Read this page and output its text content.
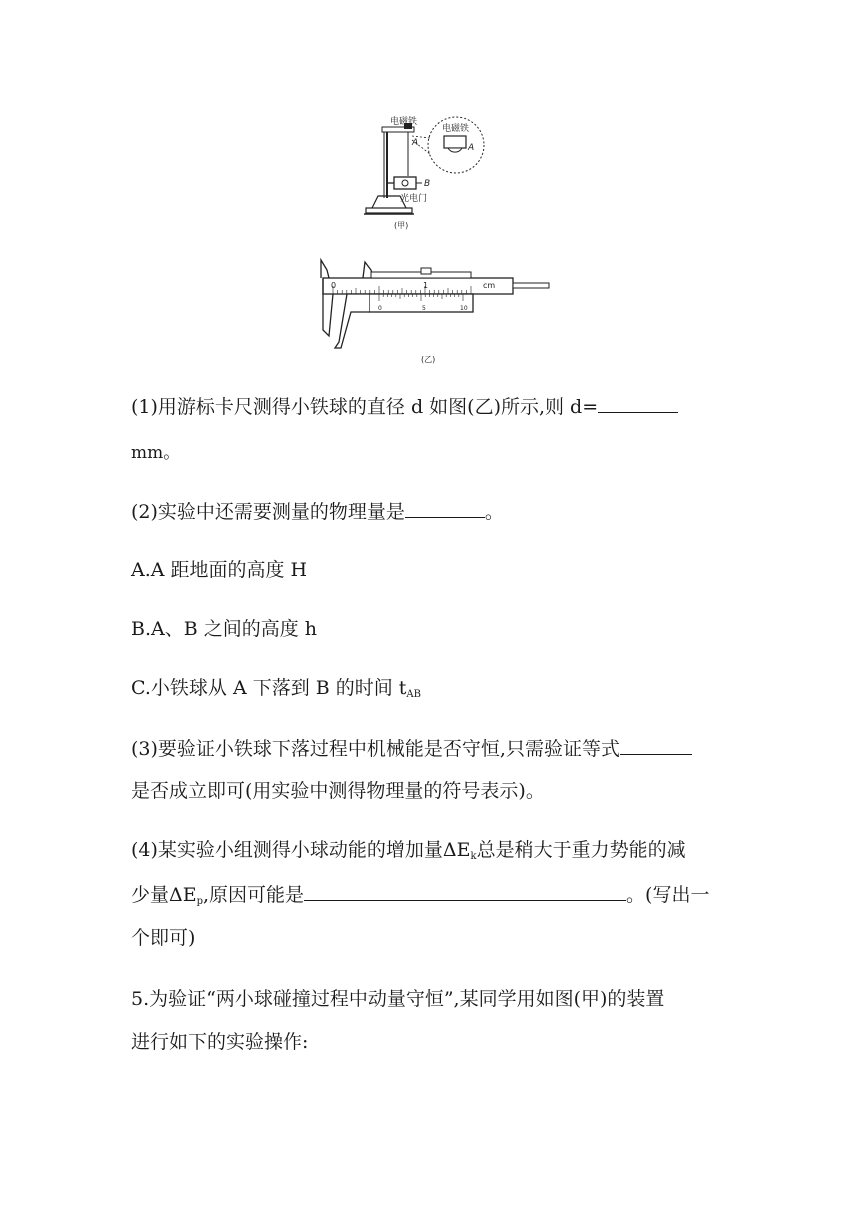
电磁铁
电磁铁
A	A
B
光电门
(甲)
0	1	cm
0	5	10
(乙)
(1)用游标卡尺测得小铁球的直径 d 如图(乙)所示,则 d=
mm。
(2)实验中还需要测量的物理量是	。
A.A 距地面的高度 H
B.A、B 之间的高度 h
C.小铁球从 A 下落到 B 的时间 $t_{AB}$
(3)要验证小铁球下落过程中机械能是否守恒,只需验证等式
是否成立即可(用实验中测得物理量的符号表示)。
(4)某实验小组测得小球动能的增加量$\Delta E_k$总是稍大于重力势能的减
少量$\Delta E_p$,原因可能是	。(写出一
个即可)
5.为验证“两小球碰撞过程中动量守恒”,某同学用如图(甲)的装置
进行如下的实验操作:
